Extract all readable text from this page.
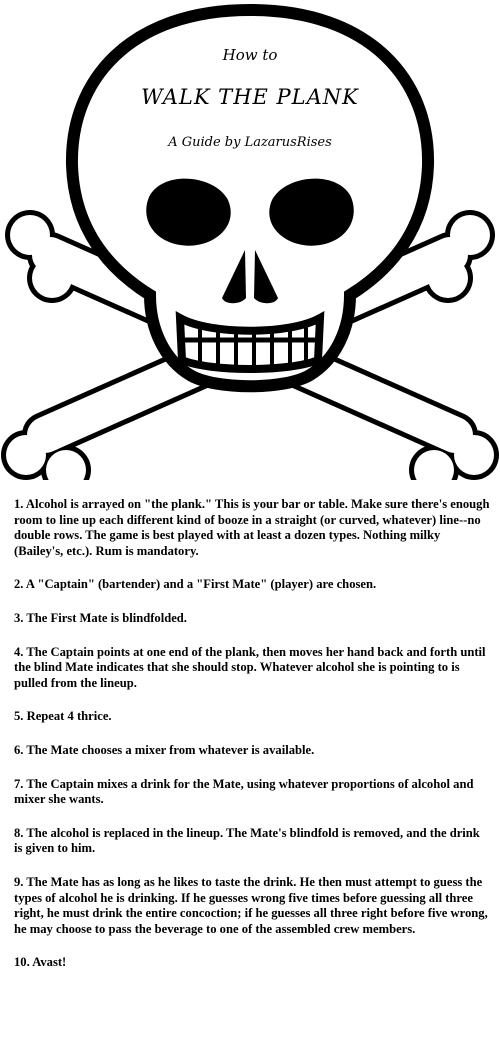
How to
WALK THE PLANK
A Guide by LazarusRises

1. Alcohol is arrayed on "the plank." This is your bar or table. Make sure there's enough room to line up each different kind of booze in a straight (or curved, whatever) line--no double rows. The game is best played with at least a dozen types. Nothing milky (Bailey's, etc.). Rum is mandatory.

2. A "Captain" (bartender) and a "First Mate" (player) are chosen.

3. The First Mate is blindfolded.

4. The Captain points at one end of the plank, then moves her hand back and forth until the blind Mate indicates that she should stop. Whatever alcohol she is pointing to is pulled from the lineup.

5. Repeat 4 thrice.

6. The Mate chooses a mixer from whatever is available.

7. The Captain mixes a drink for the Mate, using whatever proportions of alcohol and mixer she wants.

8. The alcohol is replaced in the lineup. The Mate's blindfold is removed, and the drink is given to him.

9. The Mate has as long as he likes to taste the drink. He then must attempt to guess the types of alcohol he is drinking. If he guesses wrong five times before guessing all three right, he must drink the entire concoction; if he guesses all three right before five wrong, he may choose to pass the beverage to one of the assembled crew members.

10. Avast!
